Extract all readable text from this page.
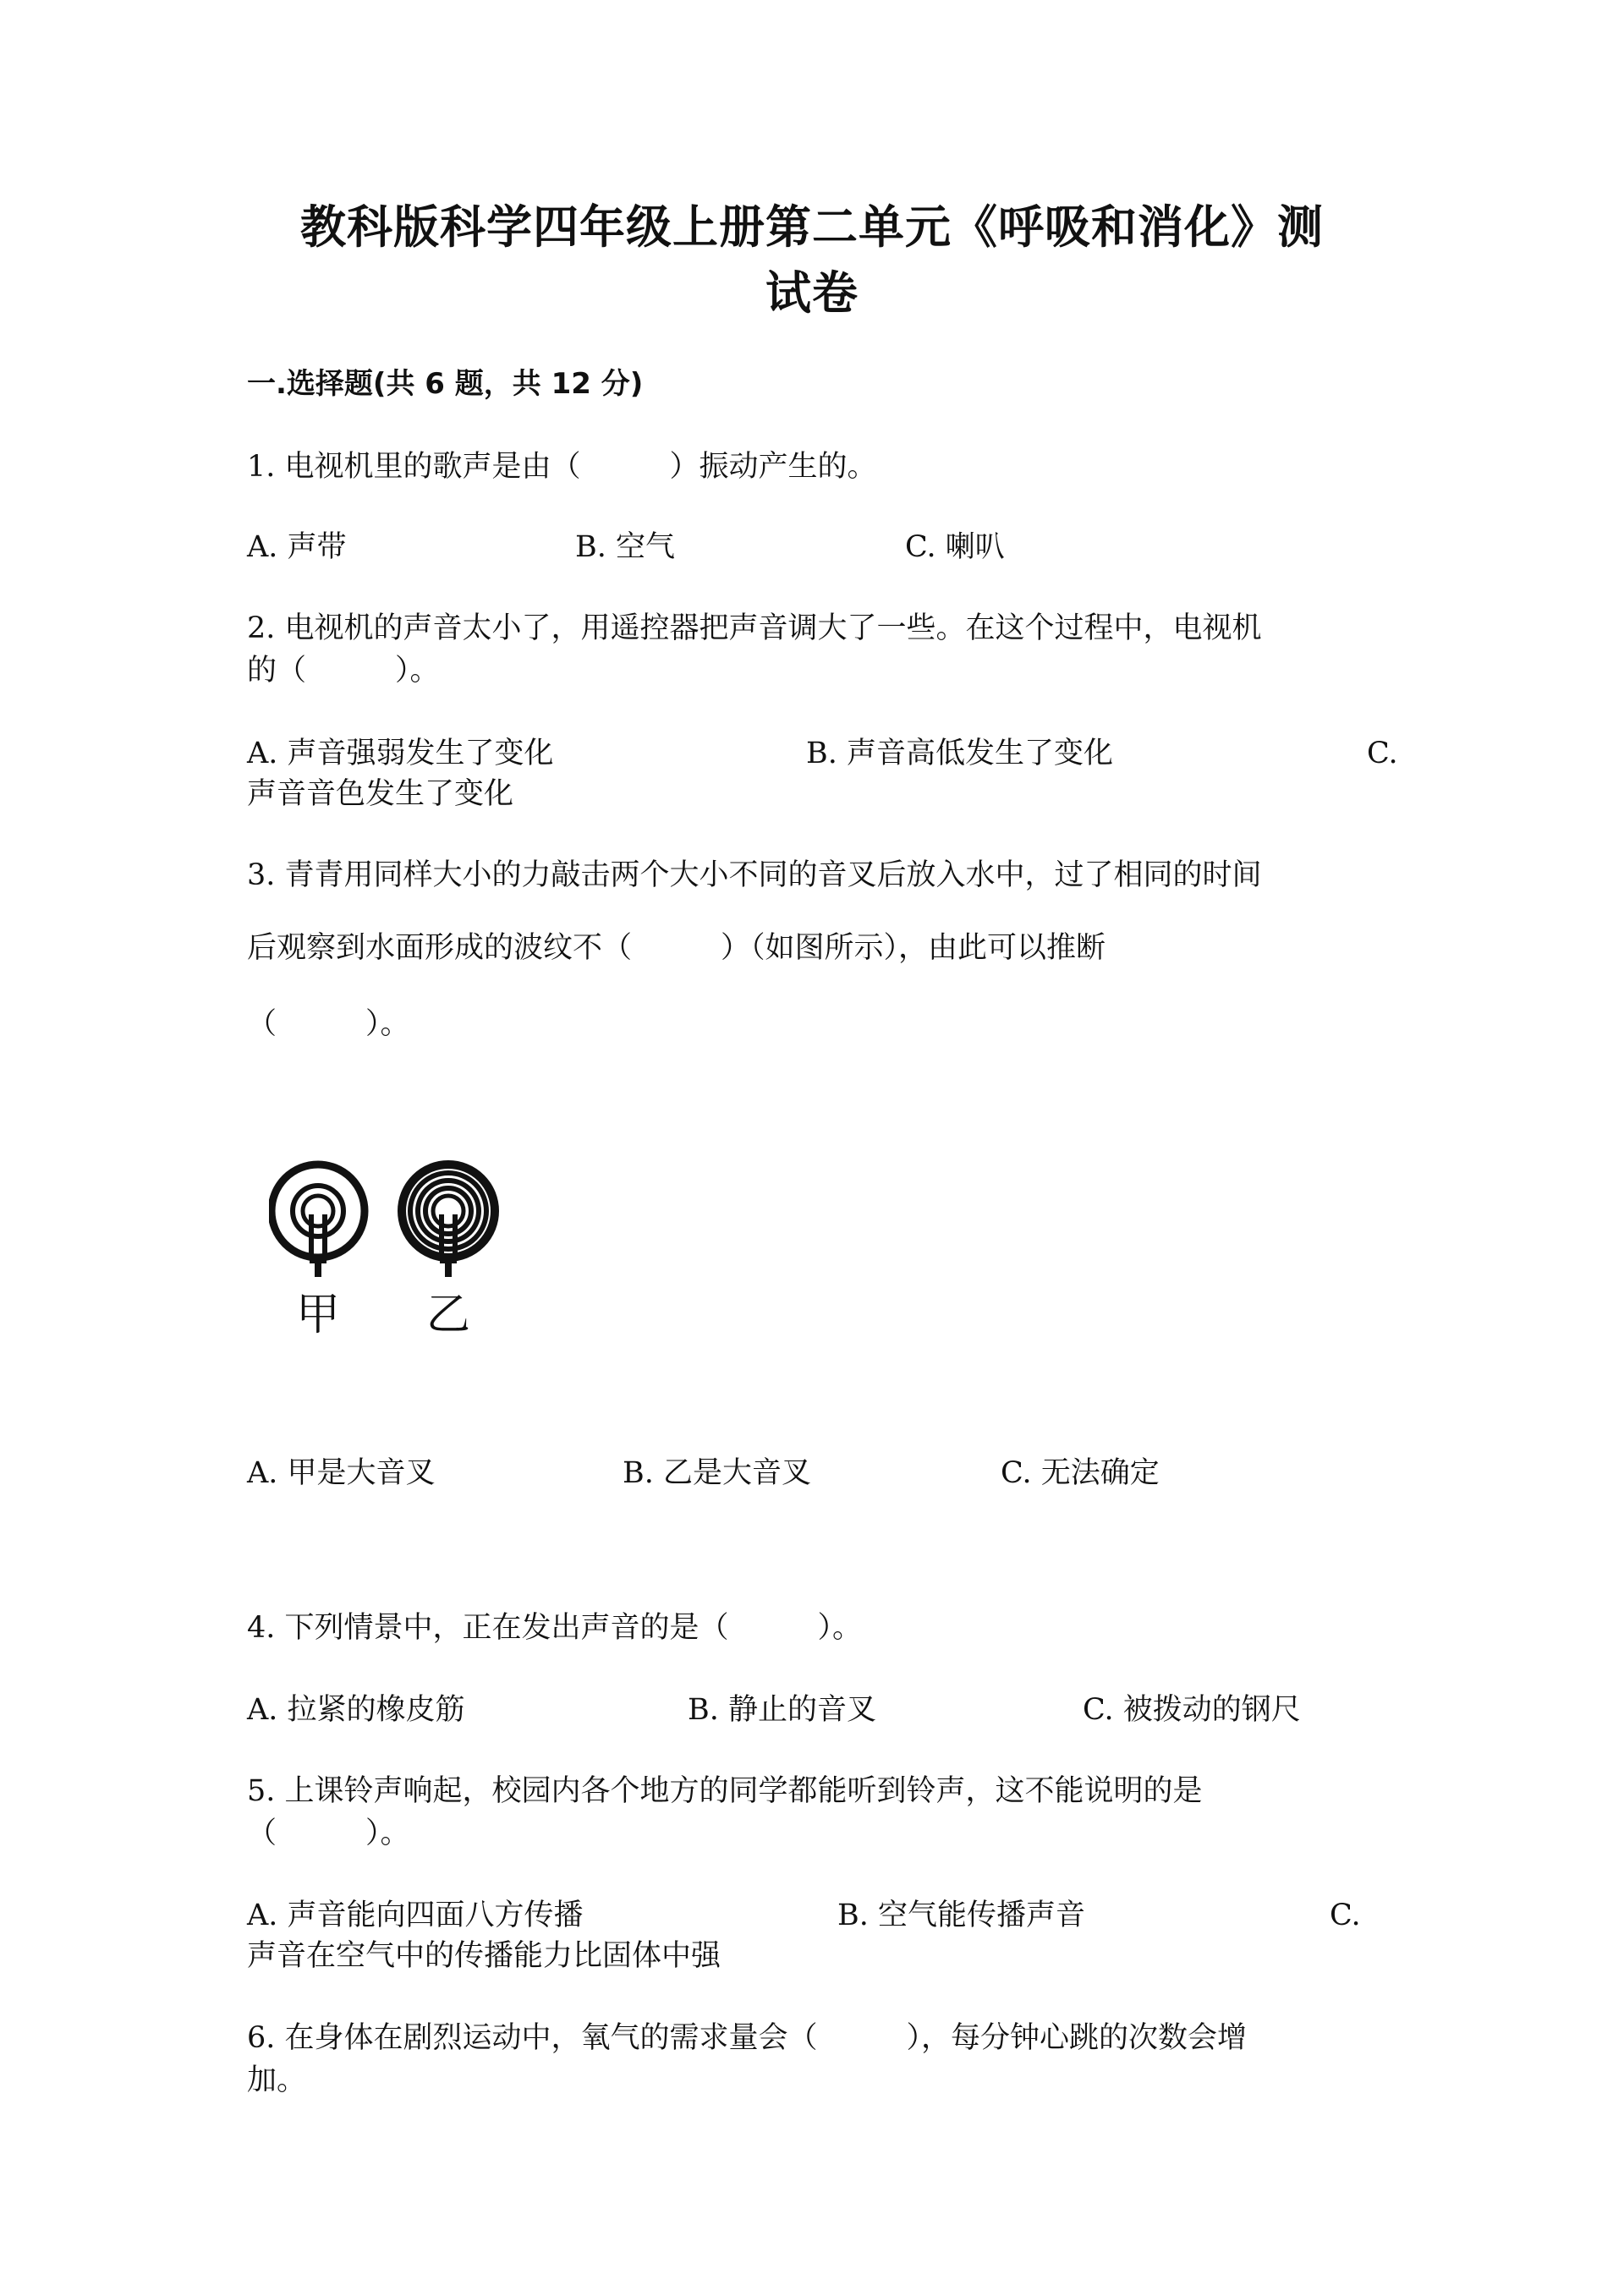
教科版科学四年级上册第二单元《呼吸和消化》测
试卷
一.选择题(共 6 题，共 12 分)
1. 电视机里的歌声是由（　　　）振动产生的。
A. 声带	B. 空气	C. 喇叭
2. 电视机的声音太小了，用遥控器把声音调大了一些。在这个过程中，电视机
的（　　　）。
A. 声音强弱发生了变化	B. 声音高低发生了变化	C.
声音音色发生了变化
3. 青青用同样大小的力敲击两个大小不同的音叉后放入水中，过了相同的时间
后观察到水面形成的波纹不（　　　）（如图所示），由此可以推断
（　　　）。
甲 乙
A. 甲是大音叉	B. 乙是大音叉	C. 无法确定
4. 下列情景中，正在发出声音的是（　　　）。
A. 拉紧的橡皮筋	B. 静止的音叉	C. 被拨动的钢尺
5. 上课铃声响起，校园内各个地方的同学都能听到铃声，这不能说明的是
（　　　）。
A. 声音能向四面八方传播	B. 空气能传播声音	C.
声音在空气中的传播能力比固体中强
6. 在身体在剧烈运动中，氧气的需求量会（　　　），每分钟心跳的次数会增
加。
